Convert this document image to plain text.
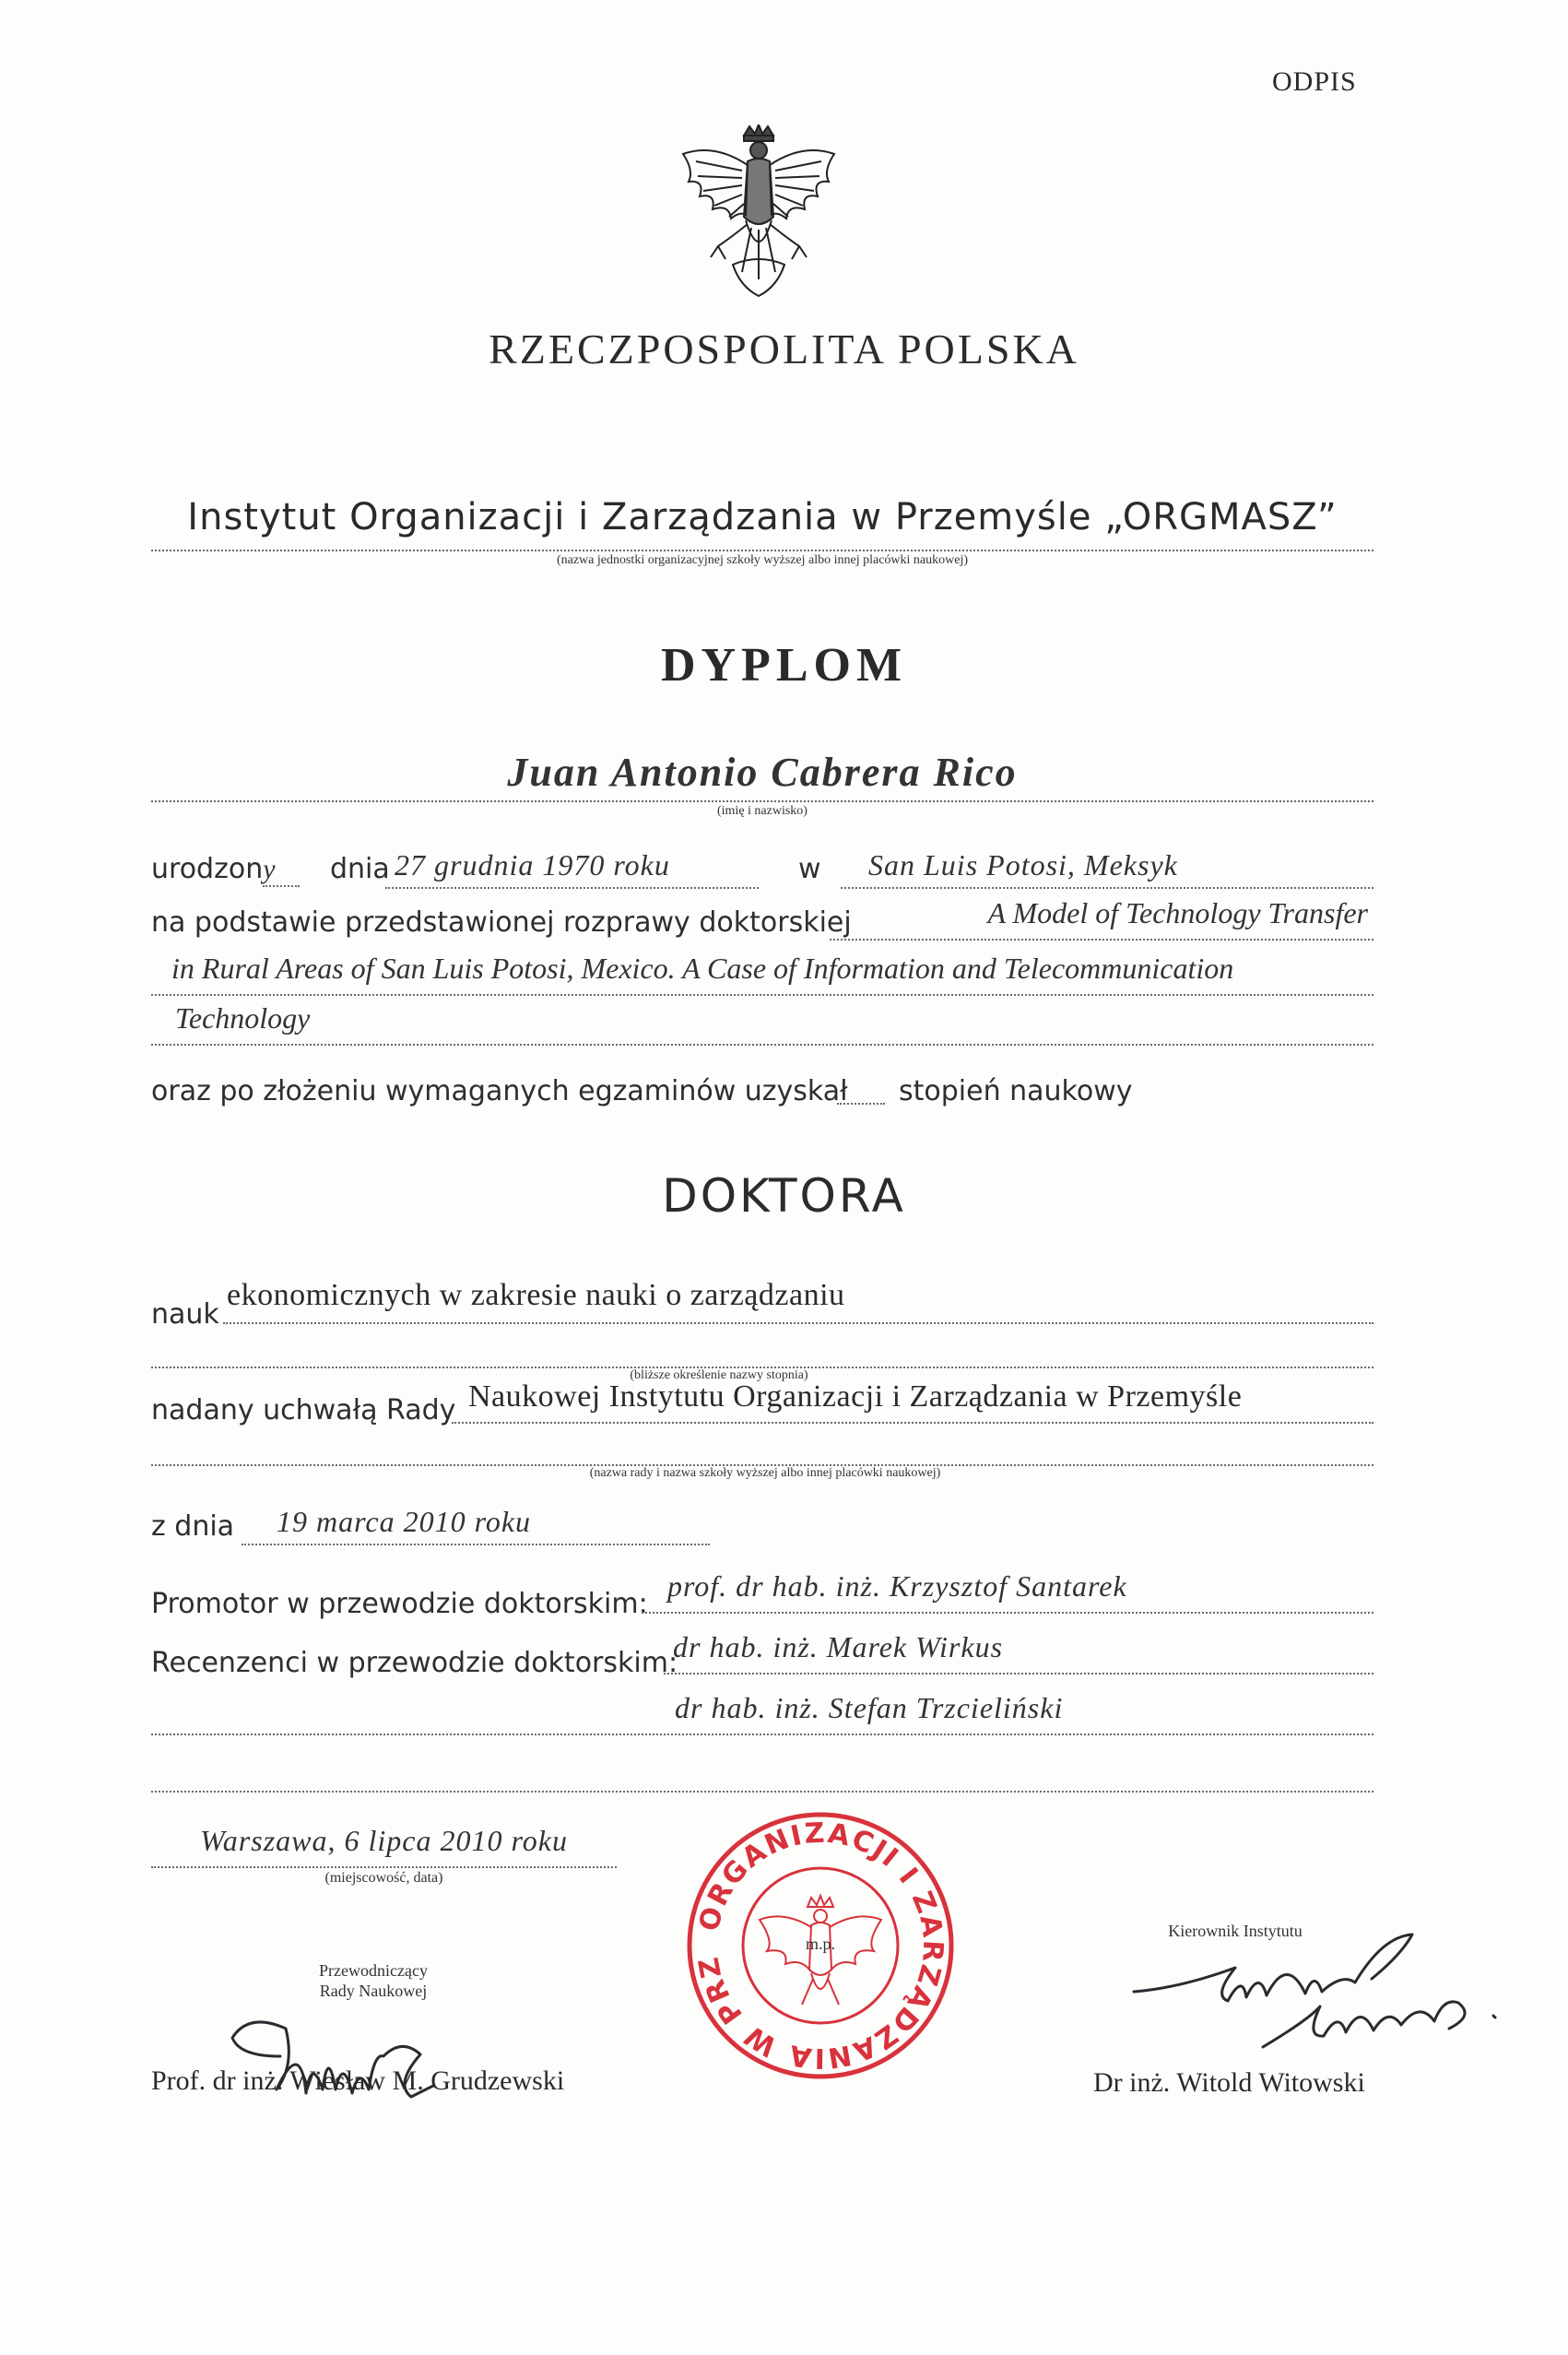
ODPIS
RZECZPOSPOLITA POLSKA
Instytut Organizacji i Zarządzania w Przemyśle „ORGMASZ”
(nazwa jednostki organizacyjnej szkoły wyższej albo innej placówki naukowej)
DYPLOM
Juan Antonio Cabrera Rico
(imię i nazwisko)
urodzony	dnia 27 grudnia 1970 roku	w	San Luis Potosi, Meksyk
na podstawie przedstawionej rozprawy doktorskiej	A Model of Technology Transfer
in Rural Areas of San Luis Potosi, Mexico. A Case of Information and Telecommunication
Technology
oraz po złożeniu wymaganych egzaminów uzyskał stopień naukowy
DOKTORA
nauk
ekonomicznych w zakresie nauki o zarządzaniu
(bliższe określenie nazwy stopnia)
nadany uchwałą Rady Naukowej Instytutu Organizacji i Zarządzania w Przemyśle
(nazwa rady i nazwa szkoły wyższej albo innej placówki naukowej)
z dnia	19 marca 2010 roku
Promotor w przewodzie doktorskim:
prof. dr hab. inż. Krzysztof Santarek
Recenzenci w przewodzie doktorskim:
dr hab. inż. Marek Wirkus
dr hab. inż. Stefan Trzcieliński
Warszawa, 6 lipca 2010 roku
(miejscowość, data)
Przewodniczący
Rady Naukowej
Prof. dr inż. Wiesław M. Grudzewski
ORGANIZACJI I ZARZĄDZANIA W PRZ
m.p.
Kierownik Instytutu
Dr inż. Witold Witowski
